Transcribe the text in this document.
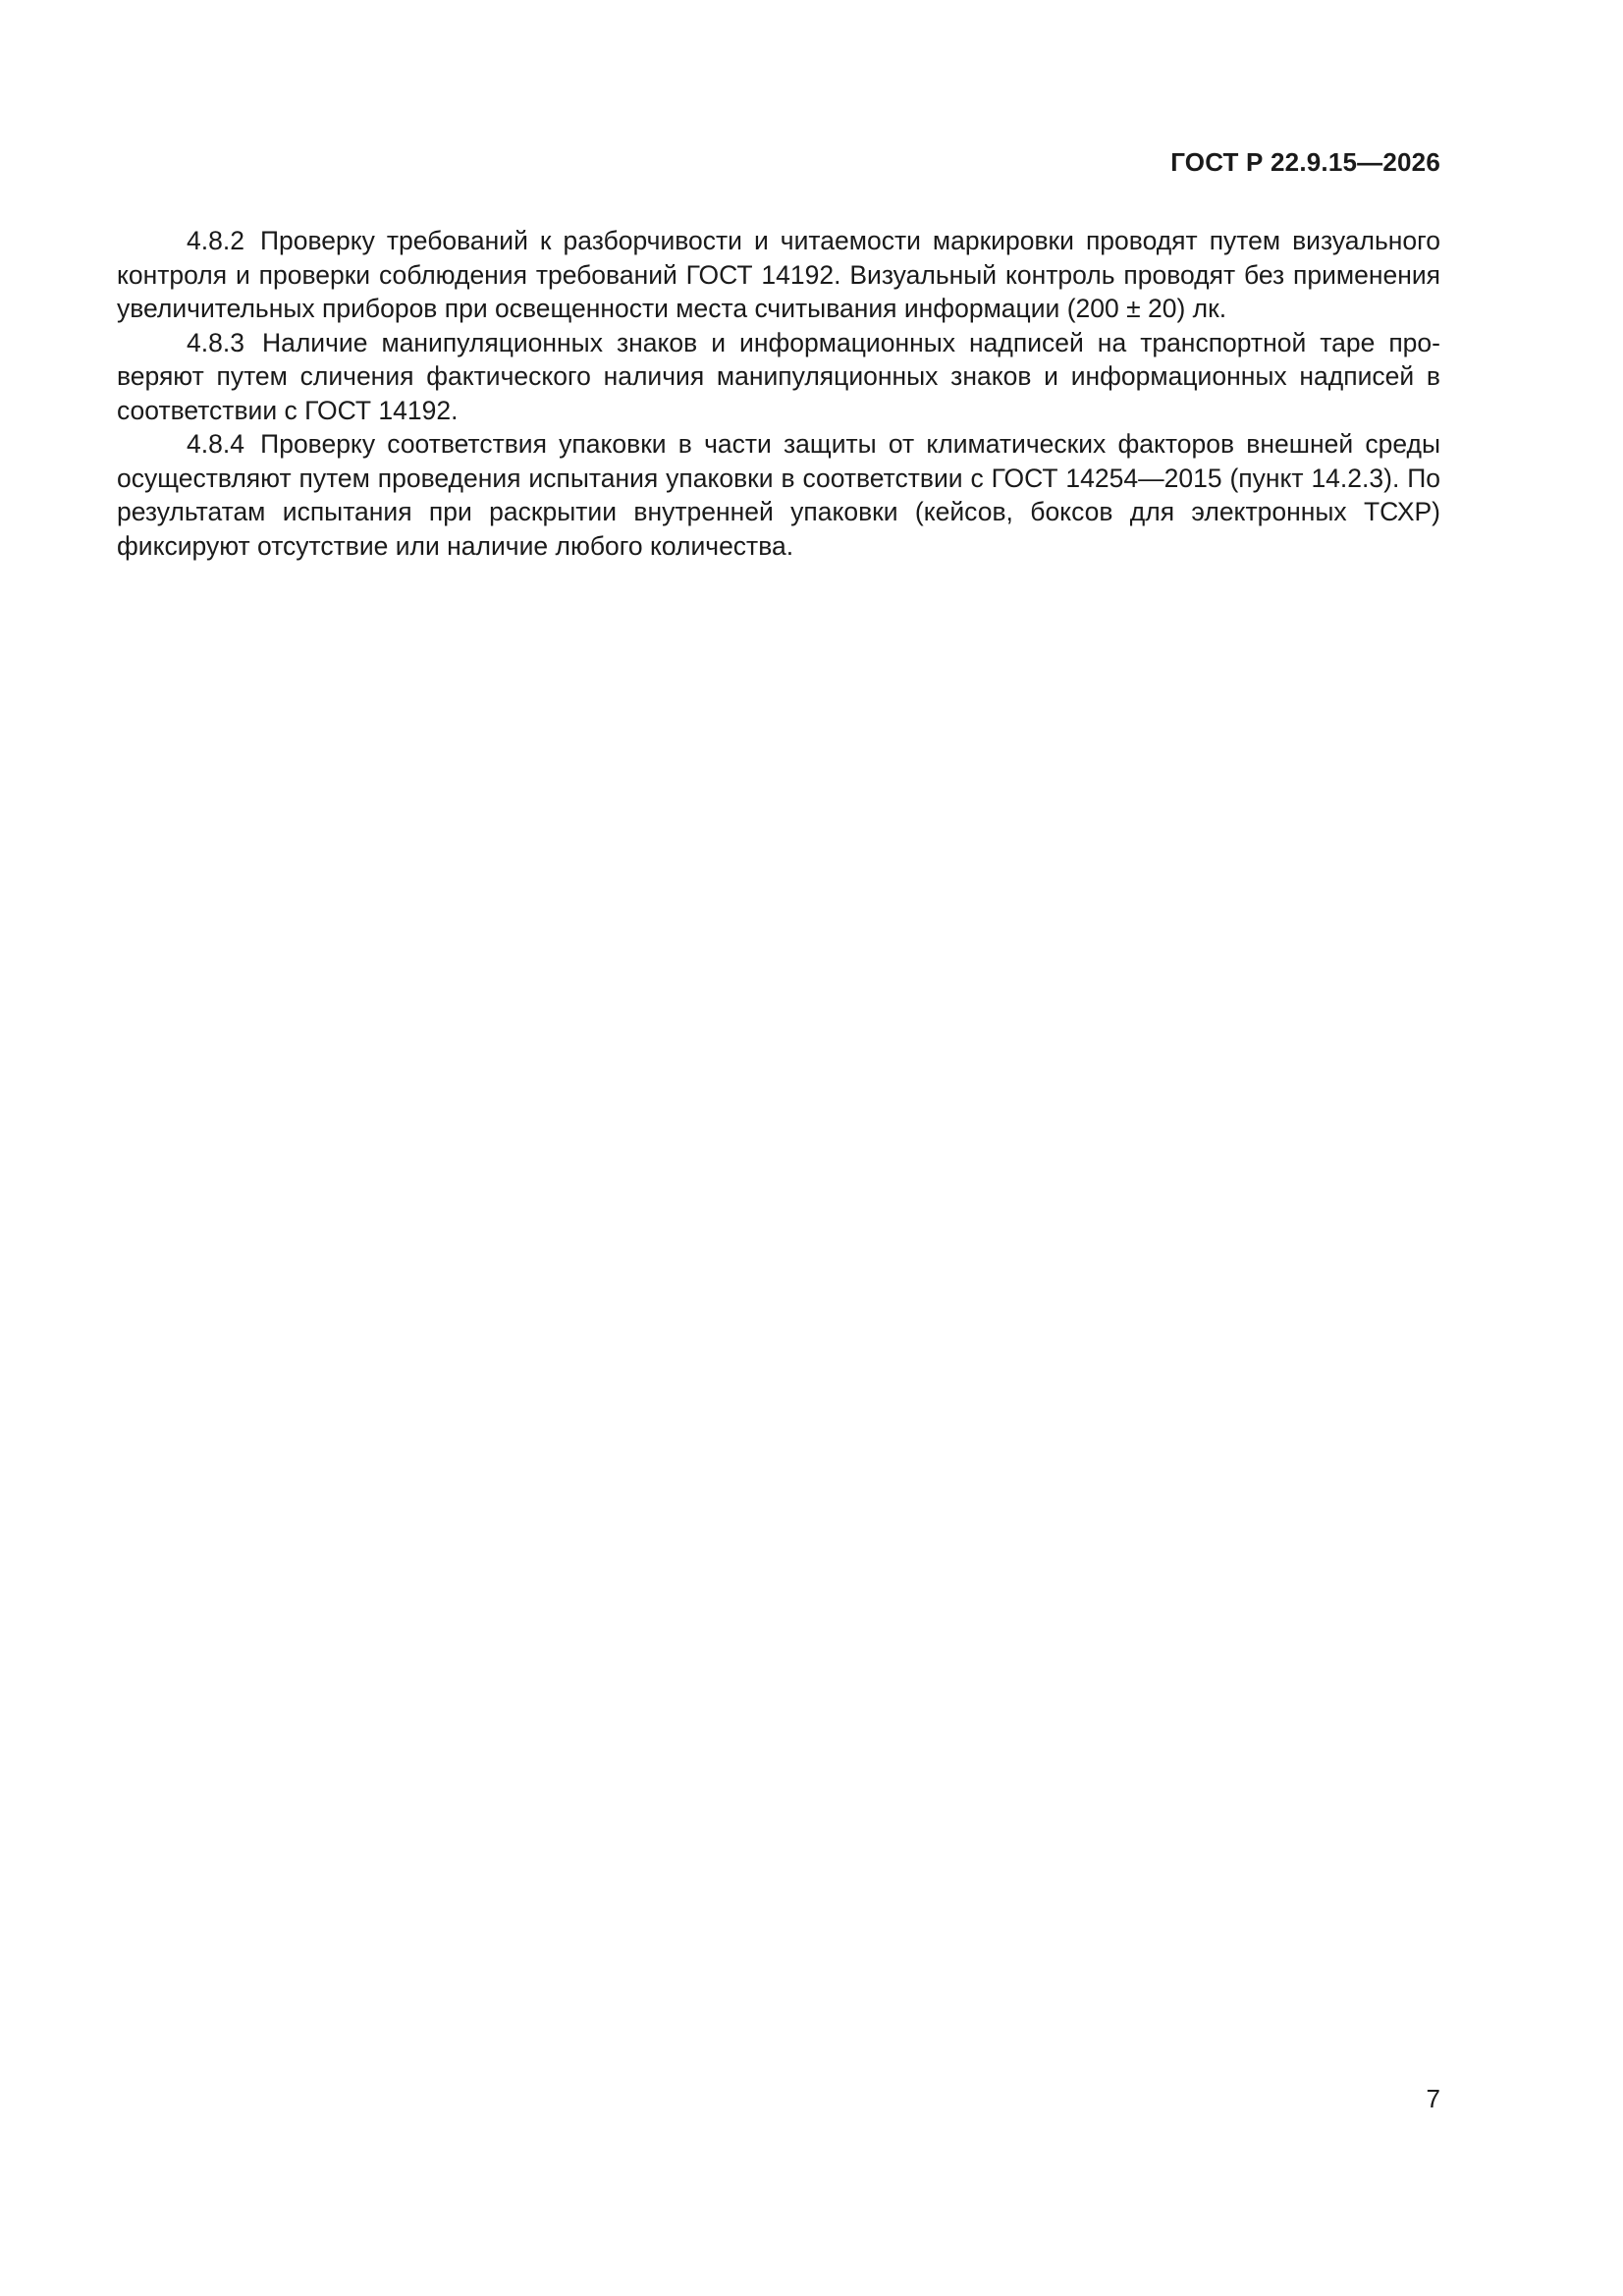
ГОСТ Р 22.9.15—2026

4.8.2 Проверку требований к разборчивости и читаемости маркировки проводят путем визуального контроля и проверки соблюдения требований ГОСТ 14192. Визуальный контроль проводят без применения увеличительных приборов при освещенности места считывания информации (200 ± 20) лк.

4.8.3 Наличие манипуляционных знаков и информационных надписей на транспортной таре проверяют путем сличения фактического наличия манипуляционных знаков и информационных надписей в соответствии с ГОСТ 14192.

4.8.4 Проверку соответствия упаковки в части защиты от климатических факторов внешней среды осуществляют путем проведения испытания упаковки в соответствии с ГОСТ 14254—2015 (пункт 14.2.3). По результатам испытания при раскрытии внутренней упаковки (кейсов, боксов для электронных ТСХР) фиксируют отсутствие или наличие любого количества.

7
